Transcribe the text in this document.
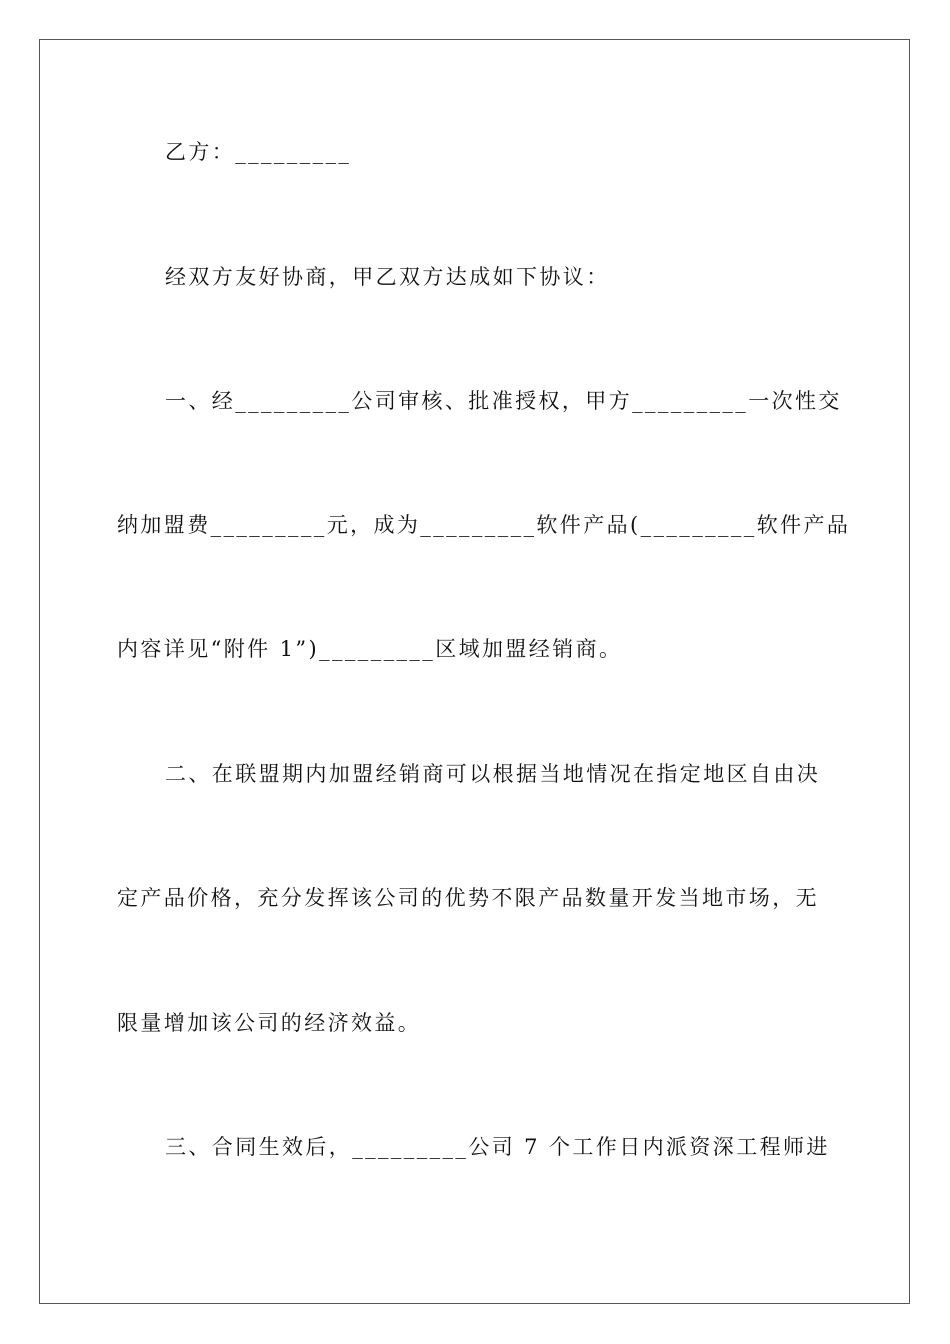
乙方：_________
经双方友好协商，甲乙双方达成如下协议：
一、经_________公司审核、批准授权，甲方_________一次性交
纳加盟费_________元，成为_________软件产品(_________软件产品
内容详见“附件 1”)_________区域加盟经销商。
二、在联盟期内加盟经销商可以根据当地情况在指定地区自由决
定产品价格，充分发挥该公司的优势不限产品数量开发当地市场，无
限量增加该公司的经济效益。
三、合同生效后，_________公司 7 个工作日内派资深工程师进
